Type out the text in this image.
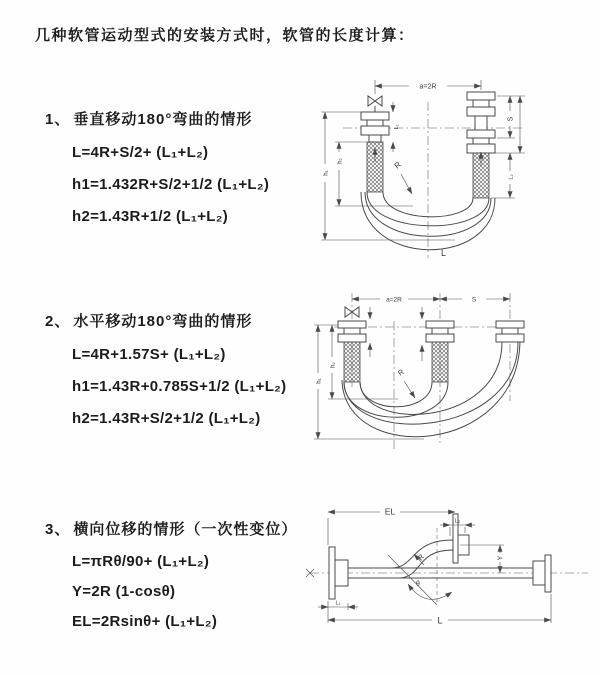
几种软管运动型式的安装方式时，软管的长度计算：
1、 垂直移动180°弯曲的情形
L=4R+S/2+ (L₁+L₂)
h1=1.432R+S/2+1/2 (L₁+L₂)
h2=1.43R+1/2 (L₁+L₂)
2、 水平移动180°弯曲的情形
L=4R+1.57S+ (L₁+L₂)
h1=1.43R+0.785S+1/2 (L₁+L₂)
h2=1.43R+S/2+1/2 (L₁+L₂)
3、 横向位移的情形（一次性变位）
L=πRθ/90+ (L₁+L₂)
Y=2R (1-cosθ)
EL=2Rsinθ+ (L₁+L₂)
a=2R
S
L₂
L₁
h₁
h₂	R
L
a=2R	S
h₁
h₂
R
EL
L₂
Y
θ
R
L₁
L
